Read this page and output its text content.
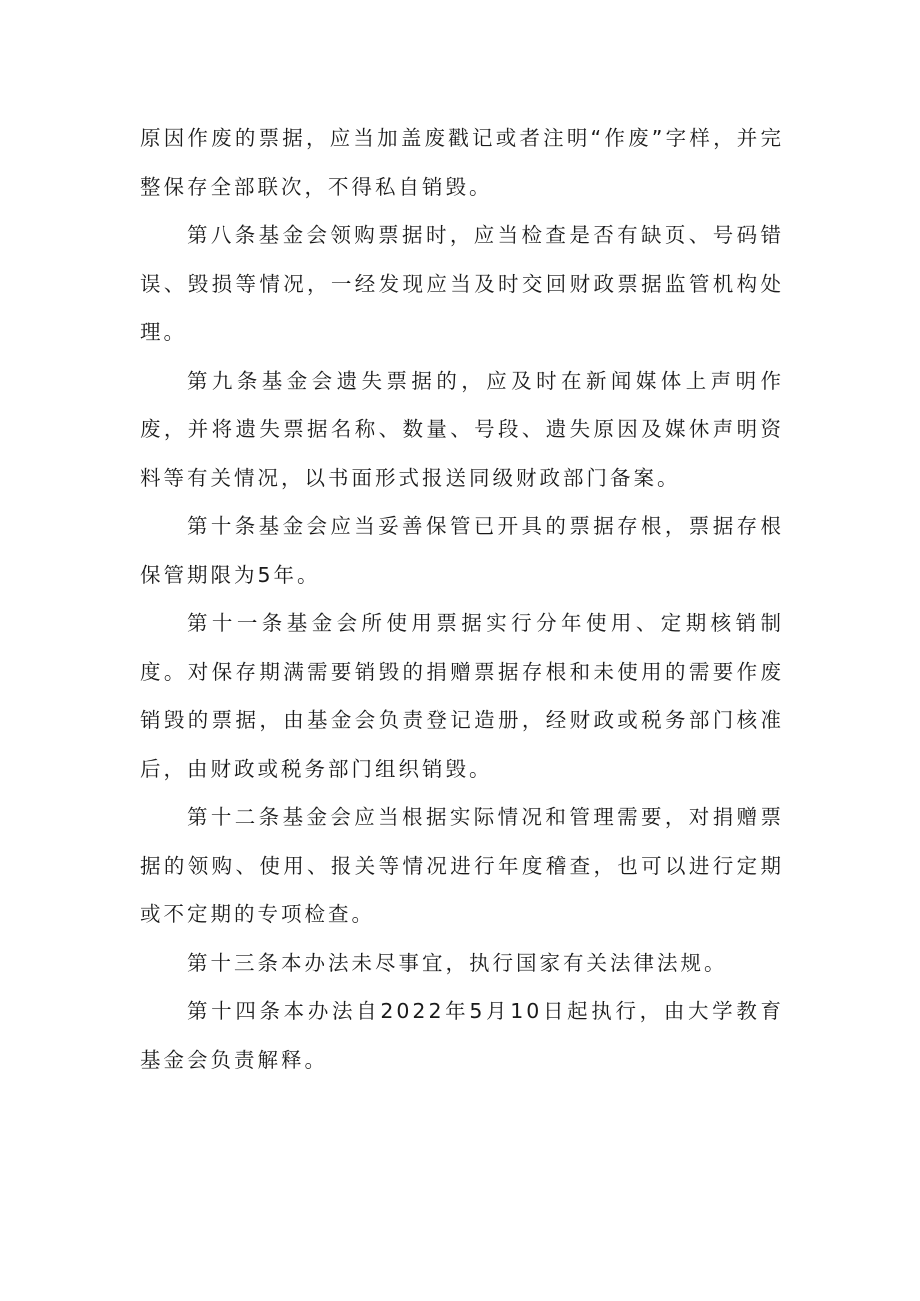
原因作废的票据，应当加盖废戳记或者注明“作废”字样，并完整保存全部联次，不得私自销毁。

第八条基金会领购票据时，应当检查是否有缺页、号码错误、毁损等情况，一经发现应当及时交回财政票据监管机构处理。

第九条基金会遗失票据的，应及时在新闻媒体上声明作废，并将遗失票据名称、数量、号段、遗失原因及媒休声明资料等有关情况，以书面形式报送同级财政部门备案。

第十条基金会应当妥善保管已开具的票据存根，票据存根保管期限为5年。

第十一条基金会所使用票据实行分年使用、定期核销制度。对保存期满需要销毁的捐赠票据存根和未使用的需要作废销毁的票据，由基金会负责登记造册，经财政或税务部门核准后，由财政或税务部门组织销毁。

第十二条基金会应当根据实际情况和管理需要，对捐赠票据的领购、使用、报关等情况进行年度稽查，也可以进行定期或不定期的专项检查。

第十三条本办法未尽事宜，执行国家有关法律法规。

第十四条本办法自2022年5月10日起执行，由大学教育基金会负责解释。
